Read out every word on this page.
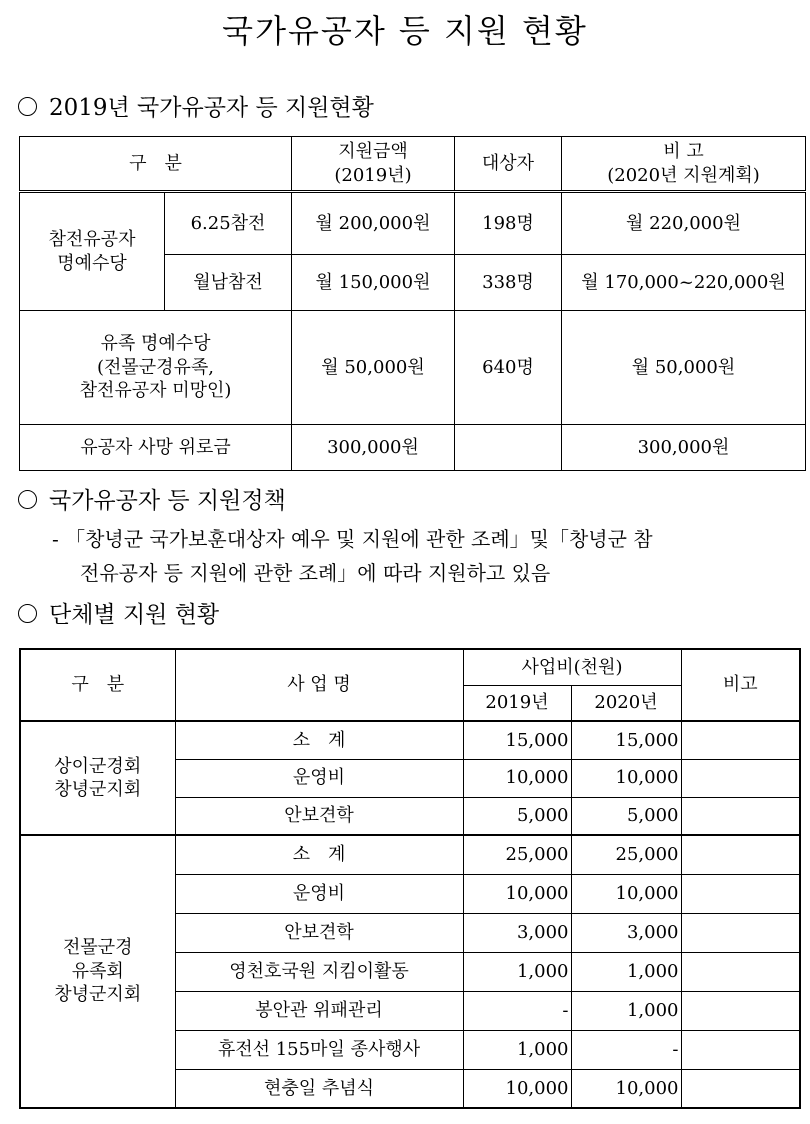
국가유공자 등 지원 현황
2019년 국가유공자 등 지원현황
구　분		지원금액
(2019년)	대상자	비 고
(2020년 지원계획)
참전유공자
명예수당	6.25참전	월 200,000원	198명	월 220,000원
	월남참전	월 150,000원	338명	월 170,000~220,000원
유족 명예수당
(전몰군경유족,
참전유공자 미망인)		월 50,000원	640명	월 50,000원
유공자 사망 위로금		300,000원		300,000원
국가유공자 등 지원정책
- 「창녕군 국가보훈대상자 예우 및 지원에 관한 조례」및「창녕군 참
전유공자 등 지원에 관한 조례」에 따라 지원하고 있음
단체별 지원 현황
구　분	사 업 명	사업비(천원)		비고
		2019년	2020년	
상이군경회
창녕군지회	소　계	15,000	15,000	
	운영비	10,000	10,000	
	안보견학	5,000	5,000	
전몰군경
유족회
창녕군지회	소　계	25,000	25,000	
	운영비	10,000	10,000	
	안보견학	3,000	3,000	
	영천호국원 지킴이활동	1,000	1,000	
	봉안관 위패관리	-	1,000	
	휴전선 155마일 종사행사	1,000	-	
	현충일 추념식	10,000	10,000	
